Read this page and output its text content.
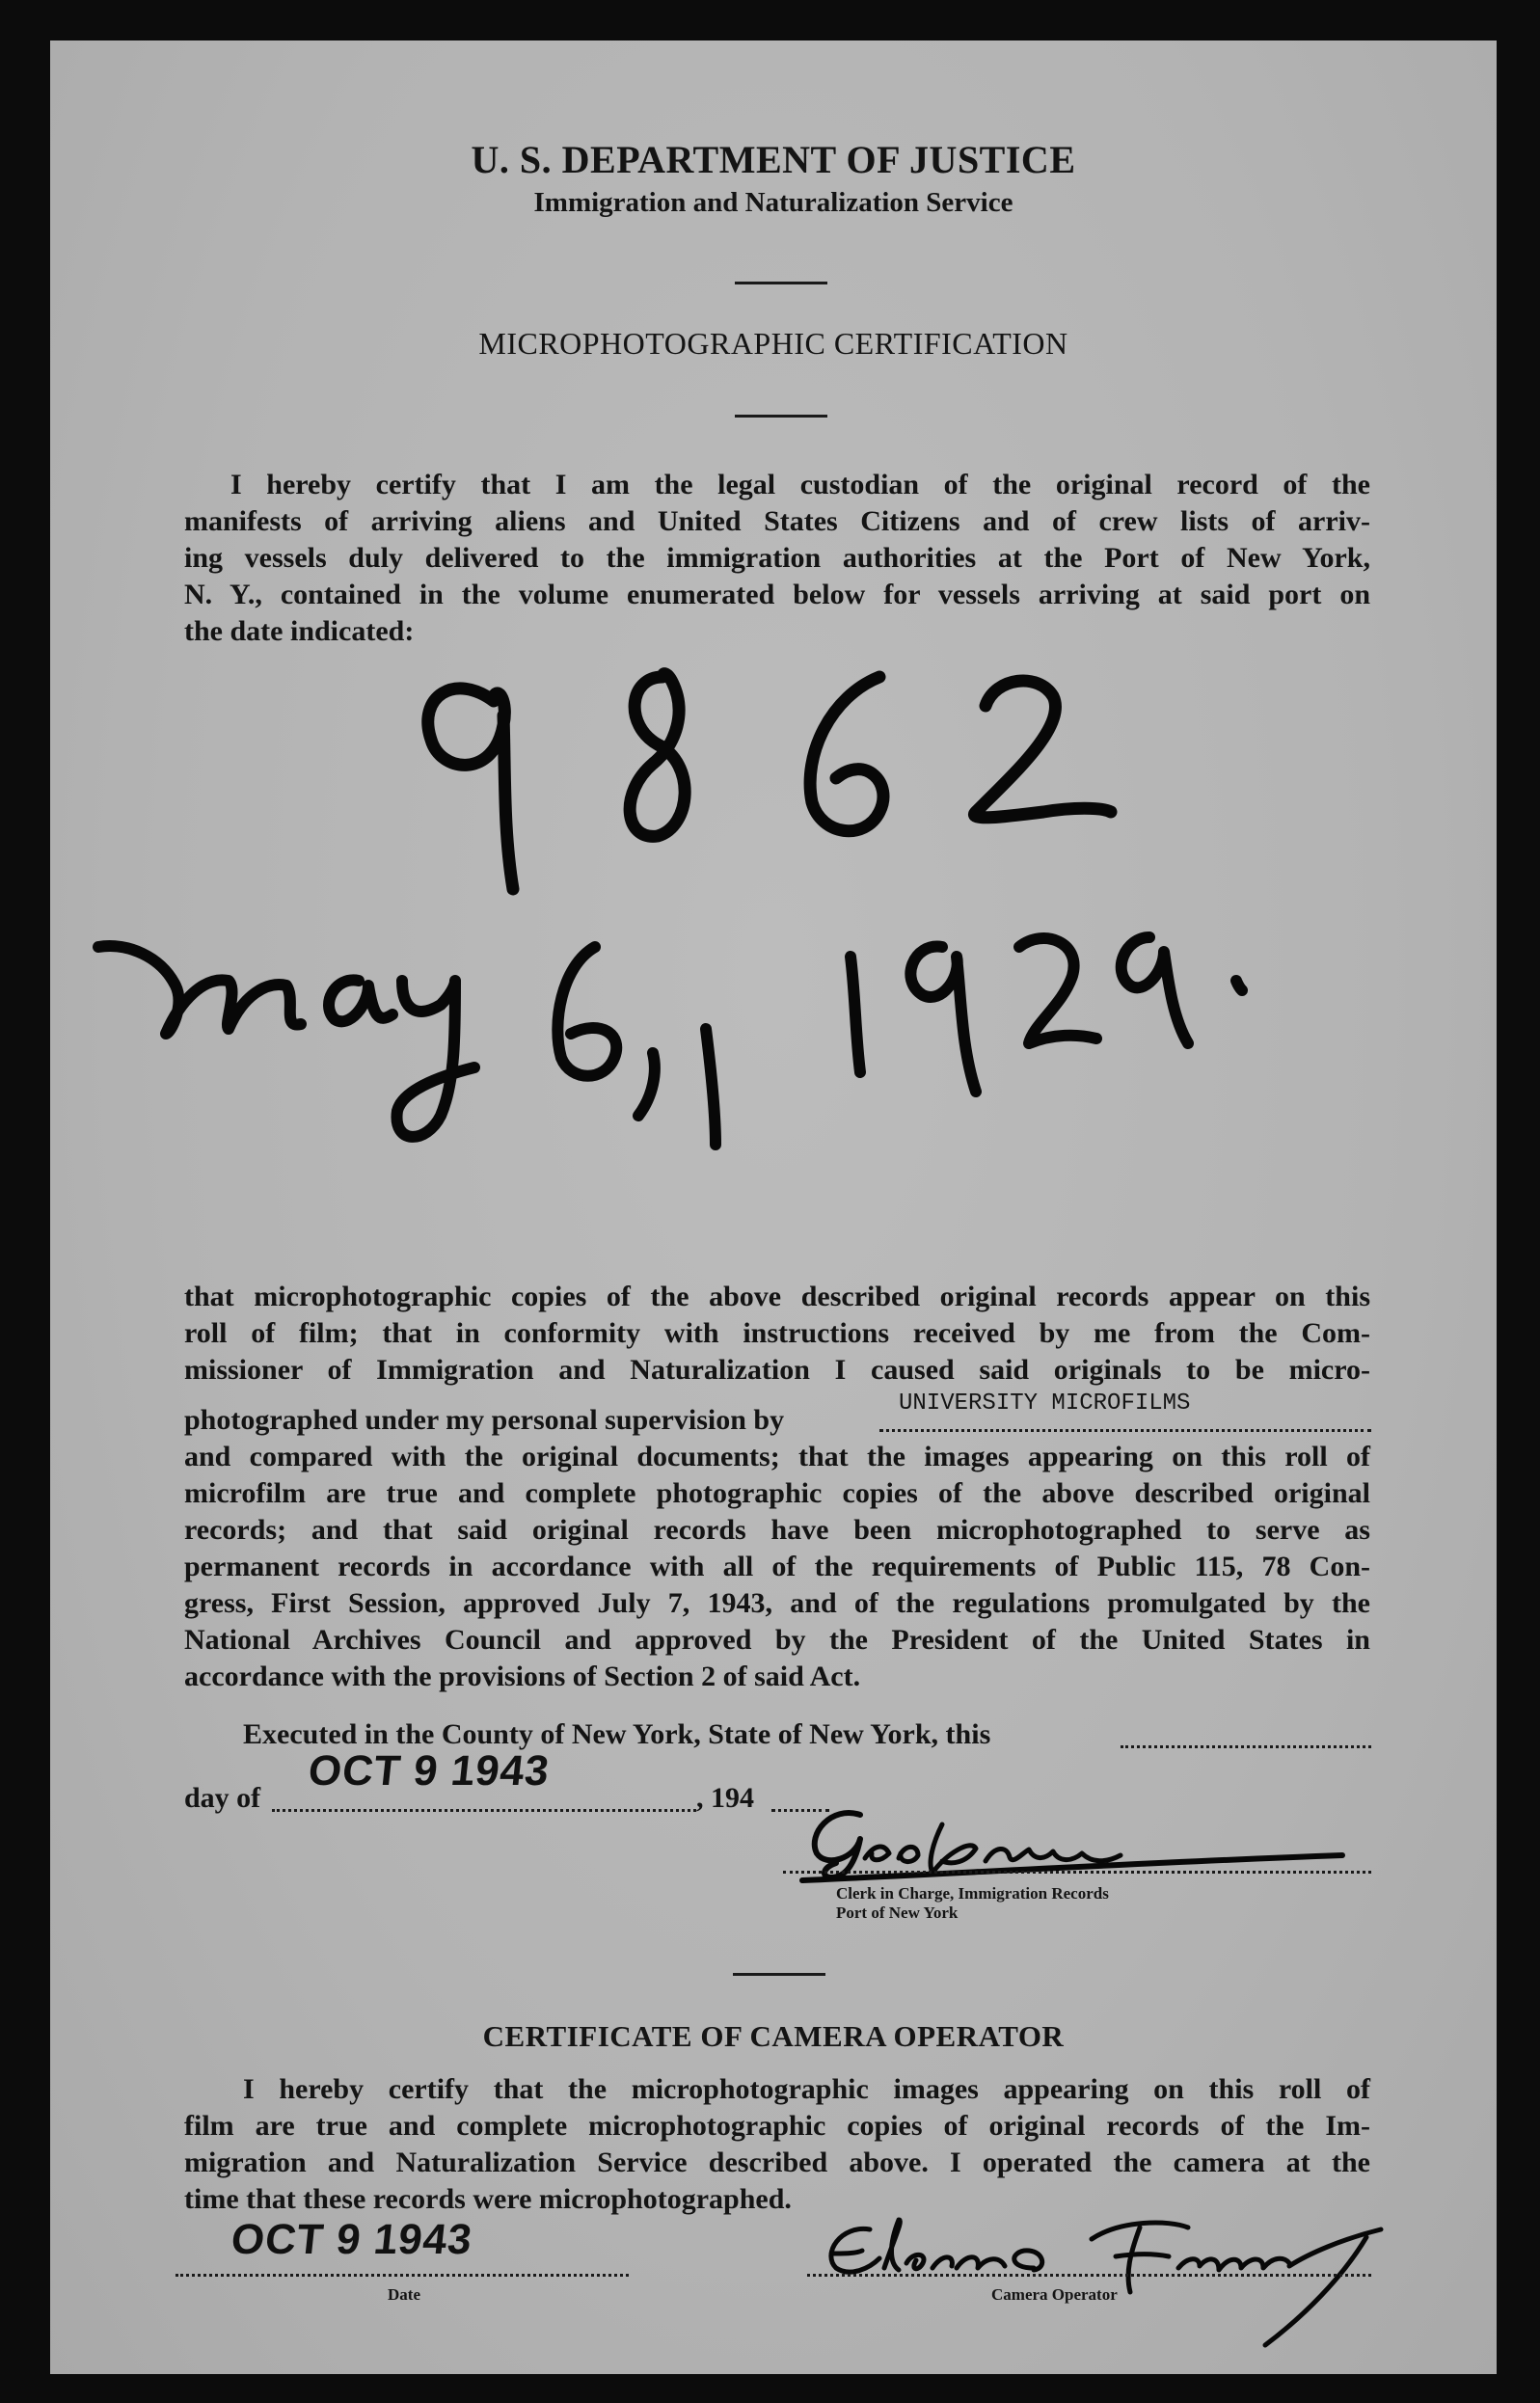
U. S. DEPARTMENT OF JUSTICE
Immigration and Naturalization Service
MICROPHOTOGRAPHIC CERTIFICATION
I hereby certify that I am the legal custodian of the original record of the
manifests of arriving aliens and United States Citizens and of crew lists of arriv-
ing vessels duly delivered to the immigration authorities at the Port of New York,
N. Y., contained in the volume enumerated below for vessels arriving at said port on
the date indicated:
that microphotographic copies of the above described original records appear on this
roll of film; that in conformity with instructions received by me from the Com-
missioner of Immigration and Naturalization I caused said originals to be micro-
photographed under my personal supervision by
UNIVERSITY MICROFILMS
and compared with the original documents; that the images appearing on this roll of
microfilm are true and complete photographic copies of the above described original
records; and that said original records have been microphotographed to serve as
permanent records in accordance with all of the requirements of Public 115, 78 Con-
gress, First Session, approved July 7, 1943, and of the regulations promulgated by the
National Archives Council and approved by the President of the United States in
accordance with the provisions of Section 2 of said Act.
Executed in the County of New York, State of New York, this
day of
OCT 9 1943
, 194
Clerk in Charge, Immigration Records
Port of New York
CERTIFICATE OF CAMERA OPERATOR
I hereby certify that the microphotographic images appearing on this roll of
film are true and complete microphotographic copies of original records of the Im-
migration and Naturalization Service described above. I operated the camera at the
time that these records were microphotographed.
OCT 9 1943
Date	Camera Operator
